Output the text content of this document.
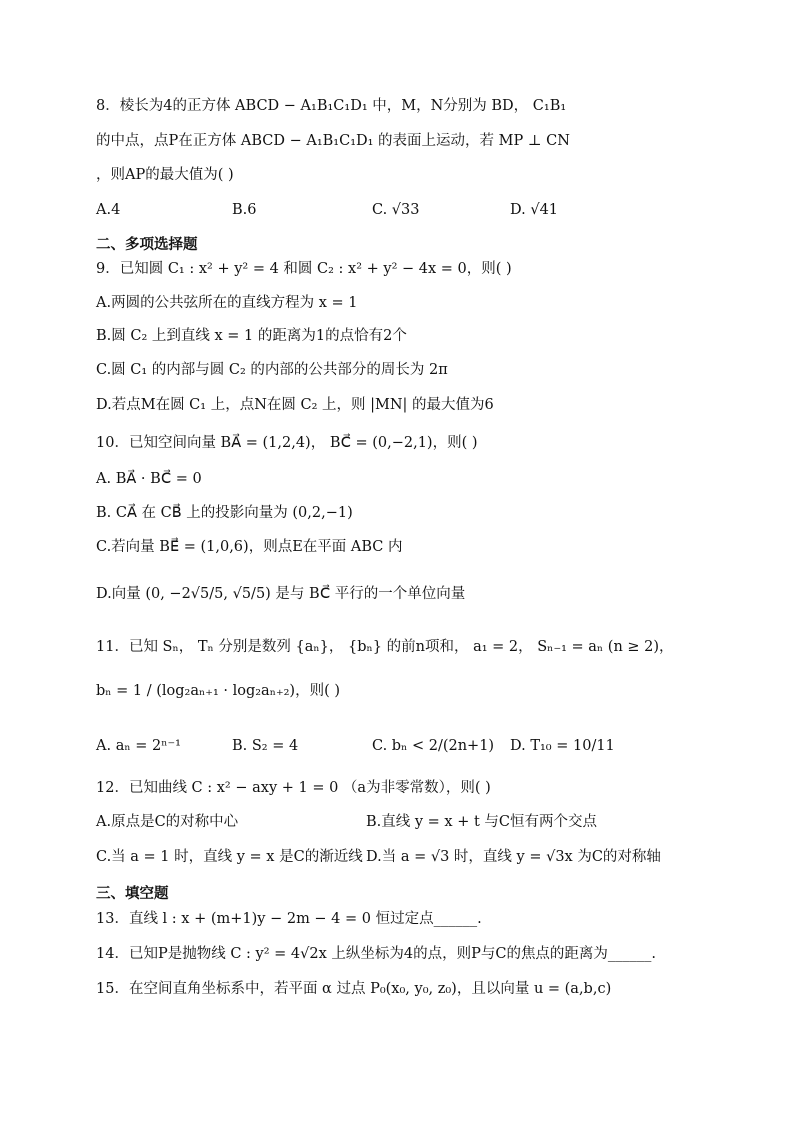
8．棱长为4的正方体 ABCD − A₁B₁C₁D₁ 中，M，N分别为 BD， C₁B₁
的中点，点P在正方体 ABCD − A₁B₁C₁D₁ 的表面上运动，若 MP ⊥ CN
，则AP的最大值为( )
A.4	B.6	C. √33	D. √41
二、多项选择题
9．已知圆 C₁ : x² + y² = 4 和圆 C₂ : x² + y² − 4x = 0，则( )
A.两圆的公共弦所在的直线方程为 x = 1
B.圆 C₂ 上到直线 x = 1 的距离为1的点恰有2个
C.圆 C₁ 的内部与圆 C₂ 的内部的公共部分的周长为 2π
D.若点M在圆 C₁ 上，点N在圆 C₂ 上，则 |MN| 的最大值为6
10．已知空间向量 BA⃗ = (1,2,4)， BC⃗ = (0,−2,1)，则( )
A. BA⃗ · BC⃗ = 0
B. CA⃗ 在 CB⃗ 上的投影向量为 (0,2,−1)
C.若向量 BE⃗ = (1,0,6)，则点E在平面 ABC 内
D.向量 (0, −2√5/5, √5/5) 是与 BC⃗ 平行的一个单位向量
11．已知 Sₙ， Tₙ 分别是数列 {aₙ}， {bₙ} 的前n项和， a₁ = 2， Sₙ₋₁ = aₙ (n ≥ 2)，
bₙ = 1 / (log₂aₙ₊₁ · log₂aₙ₊₂)，则( )
A. aₙ = 2ⁿ⁻¹	B. S₂ = 4	C. bₙ < 2/(2n+1)	D. T₁₀ = 10/11
12．已知曲线 C : x² − axy + 1 = 0 （a为非零常数），则( )
A.原点是C的对称中心	B.直线 y = x + t 与C恒有两个交点
C.当 a = 1 时，直线 y = x 是C的渐近线 D.当 a = √3 时，直线 y = √3x 为C的对称轴
三、填空题
13．直线 l : x + (m+1)y − 2m − 4 = 0 恒过定点______.
14．已知P是抛物线 C : y² = 4√2x 上纵坐标为4的点，则P与C的焦点的距离为______.
15．在空间直角坐标系中，若平面 α 过点 P₀(x₀, y₀, z₀)，且以向量 u = (a,b,c)
